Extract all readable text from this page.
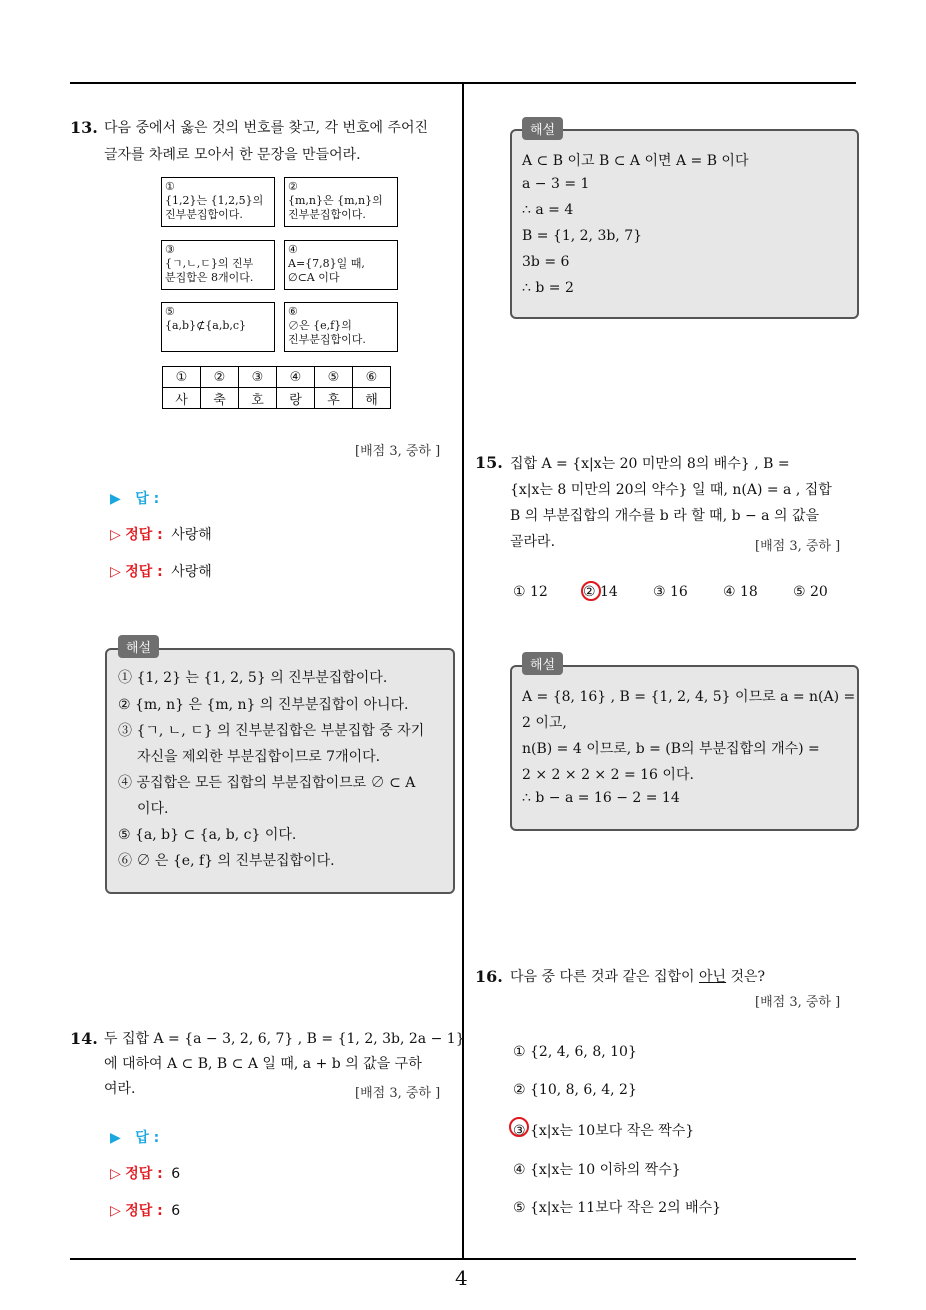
4
13. 다음 중에서 옳은 것의 번호를 찾고, 각 번호에 주어진
글자를 차례로 모아서 한 문장을 만들어라.
①
{1,2}는 {1,2,5}의
진부분집합이다.
②
{m,n}은 {m,n}의
진부분집합이다.
③
{ㄱ,ㄴ,ㄷ}의 진부
분집합은 8개이다.
④
A={7,8}일 때,
∅⊂A 이다
⑤
{a,b}⊄{a,b,c}
⑥
∅은 {e,f}의
진부분집합이다.
①	②	③	④	⑤	⑥
사	축	호	랑	후	해
[배점 3, 중하 ]
▶ 답 :
▷ 정답 : 사랑해
▷ 정답 : 사랑해
해설
① {1, 2} 는 {1, 2, 5} 의 진부분집합이다.
② {m, n} 은 {m, n} 의 진부분집합이 아니다.
③ {ㄱ, ㄴ, ㄷ} 의 진부분집합은 부분집합 중 자기
자신을 제외한 부분집합이므로 7개이다.
④ 공집합은 모든 집합의 부분집합이므로 ∅ ⊂ A
이다.
⑤ {a, b} ⊂ {a, b, c} 이다.
⑥ ∅ 은 {e, f} 의 진부분집합이다.
14. 두 집합 A = {a − 3, 2, 6, 7} , B = {1, 2, 3b, 2a − 1}
에 대하여 A ⊂ B, B ⊂ A 일 때, a + b 의 값을 구하
여라.	[배점 3, 중하 ]
▶ 답 :
▷ 정답 : 6
▷ 정답 : 6
해설
A ⊂ B 이고 B ⊂ A 이면 A = B 이다
a − 3 = 1
∴ a = 4
B = {1, 2, 3b, 7}
3b = 6
∴ b = 2
15. 집합 A = {x|x는 20 미만의 8의 배수} , B =
{x|x는 8 미만의 20의 약수} 일 때, n(A) = a , 집합
B 의 부분집합의 개수를 b 라 할 때, b − a 의 값을
골라라.	[배점 3, 중하 ]
① 12	② 14	③ 16	④ 18	⑤ 20
해설
A = {8, 16} , B = {1, 2, 4, 5} 이므로 a = n(A) =
2 이고,
n(B) = 4 이므로, b = (B의 부분집합의 개수) =
2 × 2 × 2 × 2 = 16 이다.
∴ b − a = 16 − 2 = 14
16. 다음 중 다른 것과 같은 집합이 아닌 것은?
[배점 3, 중하 ]
① {2, 4, 6, 8, 10}
② {10, 8, 6, 4, 2}
③ {x|x는 10보다 작은 짝수}
④ {x|x는 10 이하의 짝수}
⑤ {x|x는 11보다 작은 2의 배수}
